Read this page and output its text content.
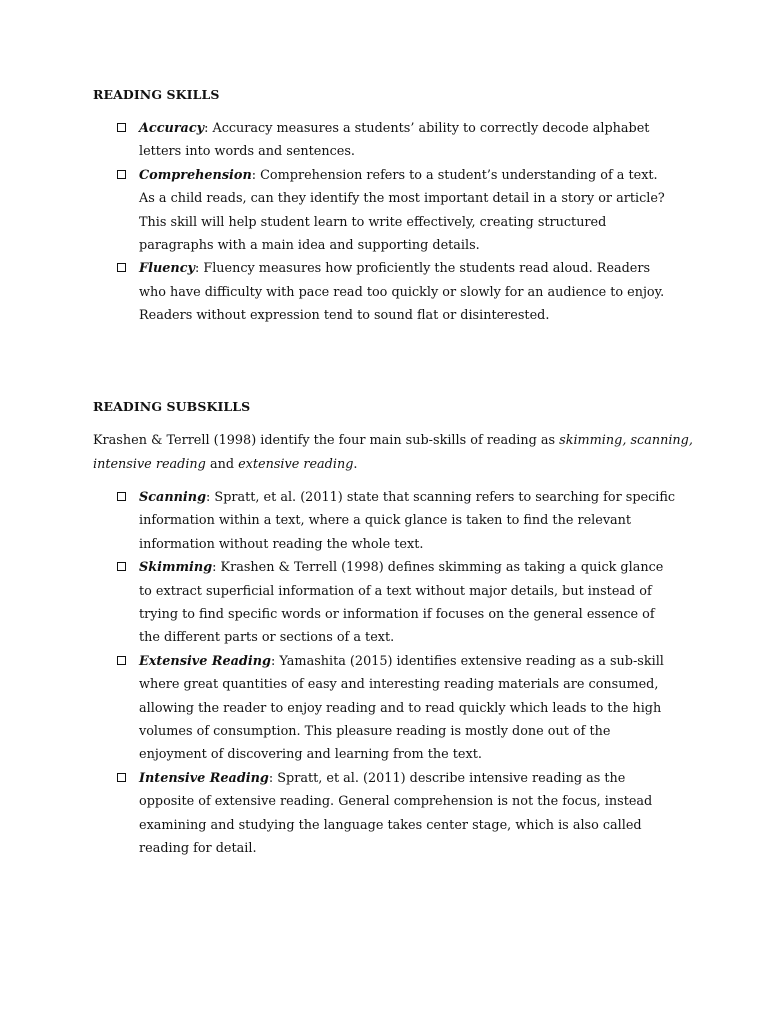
READING SKILLS
Accuracy: Accuracy measures a students’ ability to correctly decode alphabet letters into words and sentences.
Comprehension: Comprehension refers to a student’s understanding of a text. As a child reads, can they identify the most important detail in a story or article? This skill will help student learn to write effectively, creating structured paragraphs with a main idea and supporting details.
Fluency: Fluency measures how proficiently the students read aloud. Readers who have difficulty with pace read too quickly or slowly for an audience to enjoy. Readers without expression tend to sound flat or disinterested.
READING SUBSKILLS
Krashen & Terrell (1998) identify the four main sub-skills of reading as skimming, scanning, intensive reading and extensive reading.
Scanning: Spratt, et al. (2011) state that scanning refers to searching for specific information within a text, where a quick glance is taken to find the relevant information without reading the whole text.
Skimming: Krashen & Terrell (1998) defines skimming as taking a quick glance to extract superficial information of a text without major details, but instead of trying to find specific words or information if focuses on the general essence of the different parts or sections of a text.
Extensive Reading: Yamashita (2015) identifies extensive reading as a sub-skill where great quantities of easy and interesting reading materials are consumed, allowing the reader to enjoy reading and to read quickly which leads to the high volumes of consumption. This pleasure reading is mostly done out of the enjoyment of discovering and learning from the text.
Intensive Reading: Spratt, et al. (2011) describe intensive reading as the opposite of extensive reading. General comprehension is not the focus, instead examining and studying the language takes center stage, which is also called reading for detail.
